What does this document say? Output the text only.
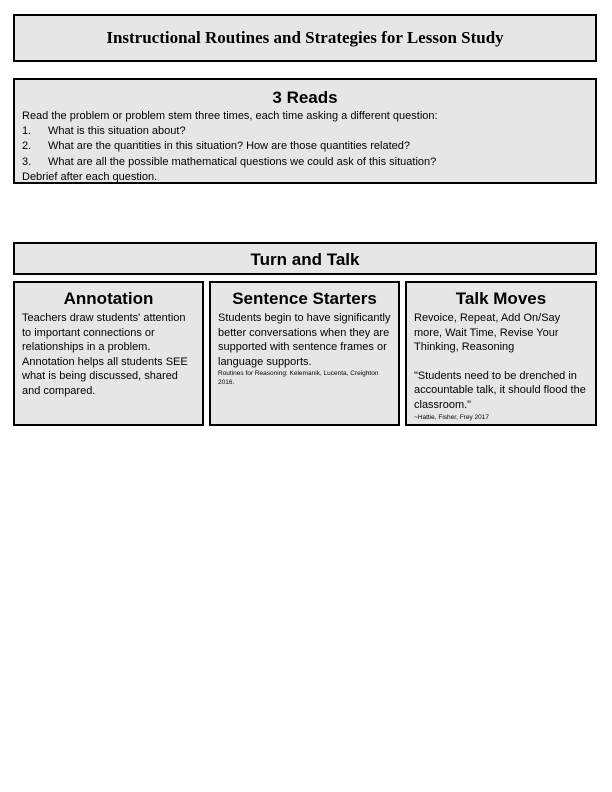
Instructional Routines and Strategies for Lesson Study
3 Reads

Read the problem or problem stem three times, each time asking a different question:

1.	What is this situation about?
2.	What are the quantities in this situation? How are those quantities related?
3.	What are all the possible mathematical questions we could ask of this situation?

Debrief after each question.

Turn and Talk
Annotation

Teachers draw students' attention to important connections or relationships in a problem.

Annotation helps all students SEE what is being discussed, shared and compared.

Sentence Starters

Students begin to have significantly better conversations when they are supported with sentence frames or language supports.

Routines for Reasoning: Kelemanik, Lucenta, Creighton 2016.

Talk Moves

Revoice, Repeat, Add On/Say more, Wait Time, Revise Your Thinking, Reasoning

"Students need to be drenched in accountable talk, it should flood the classroom."

~Hattie, Fisher, Frey 2017
